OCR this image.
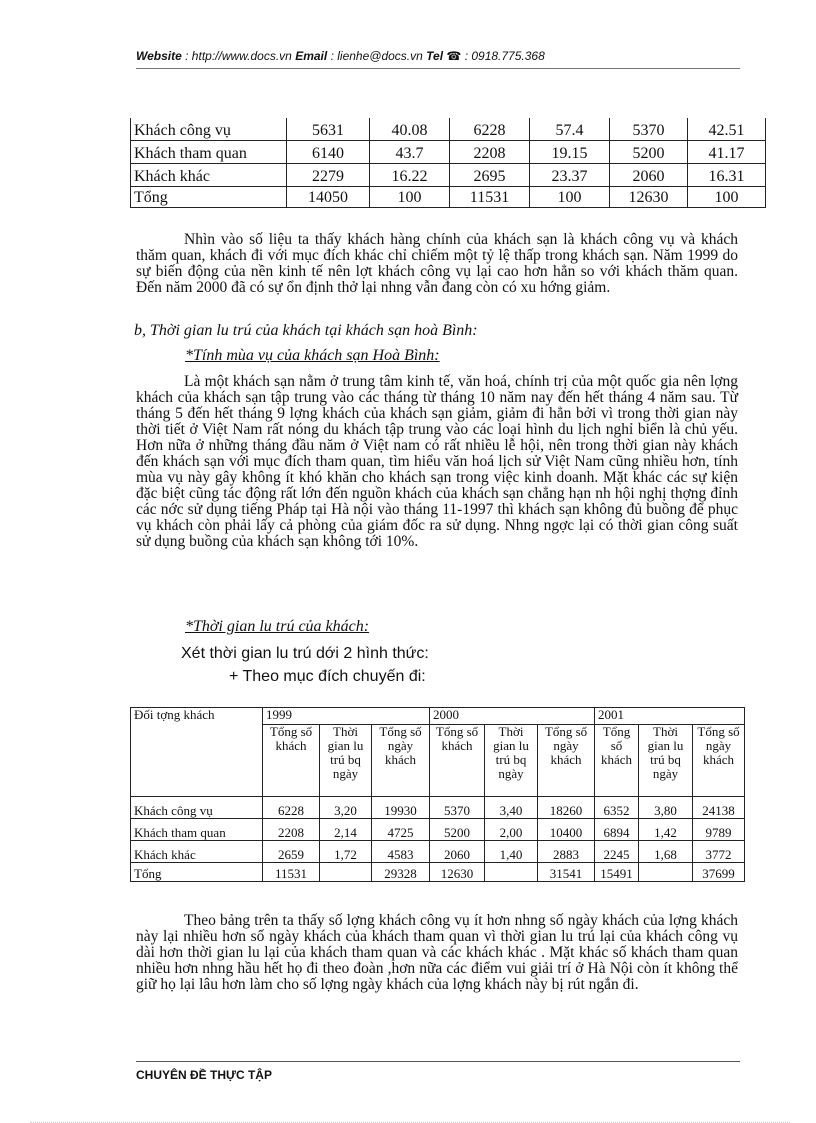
Website : http://www.docs.vn Email : lienhe@docs.vn Tel ☎ : 0918.775.368
Khách công vụ	5631	40.08	6228	57.4	5370	42.51
Khách tham quan	6140	43.7	2208	19.15	5200	41.17
Khách khác	2279	16.22	2695	23.37	2060	16.31
Tổng	14050	100	11531	100	12630	100

Nhìn vào số liệu ta thấy khách hàng chính của khách sạn là khách công vụ và khách thăm quan, khách đi với mục đích khác chỉ chiếm một tỷ lệ thấp trong khách sạn. Năm 1999 do sự biến động của nền kinh tế nên lợt khách công vụ lại cao hơn hẳn so với khách thăm quan. Đến năm 2000 đã có sự ổn định thở lại nhng vẫn đang còn có xu hớng giảm.

b, Thời gian lu trú của khách tại khách sạn hoà Bình:
*Tính mùa vụ của khách sạn Hoà Bình:

Là một khách sạn nằm ở trung tâm kinh tế, văn hoá, chính trị của một quốc gia nên lợng khách của khách sạn tập trung vào các tháng từ tháng 10 năm nay đến hết tháng 4 năm sau. Từ tháng 5 đến hết tháng 9 lợng khách của khách sạn giảm, giảm đi hẳn bởi vì trong thời gian này thời tiết ở Việt Nam rất nóng du khách tập trung vào các loại hình du lịch nghỉ biển là chủ yếu. Hơn nữa ở những tháng đầu năm ở Việt nam có rất nhiều lễ hội, nên trong thời gian này khách đến khách sạn với mục đích tham quan, tìm hiểu văn hoá lịch sử Việt Nam cũng nhiều hơn, tính mùa vụ này gây không ít khó khăn cho khách sạn trong việc kinh doanh. Mặt khác các sự kiện đặc biệt cũng tác động rất lớn đến nguồn khách của khách sạn chẳng hạn nh hội nghị thợng đỉnh các nớc sử dụng tiếng Pháp tại Hà nội vào tháng 11-1997 thì khách sạn không đủ buồng để phục vụ khách còn phải lấy cả phòng của giám đốc ra sử dụng. Nhng ngợc lại có thời gian công suất sử dụng buồng của khách sạn không tới 10%.

*Thời gian lu trú của khách:
Xét thời gian lu trú dới 2 hình thức:
+ Theo mục đích chuyến đi:
Đối tợng khách	1999			2000			2001		
	Tổng số khách	Thời gian lu trú bq ngày	Tổng số ngày khách	Tổng số khách	Thời gian lu trú bq ngày	Tổng số ngày khách	Tổng số khách	Thời gian lu trú bq ngày	Tổng số ngày khách
Khách công vụ	6228	3,20	19930	5370	3,40	18260	6352	3,80	24138
Khách tham quan	2208	2,14	4725	5200	2,00	10400	6894	1,42	9789
Khách khác	2659	1,72	4583	2060	1,40	2883	2245	1,68	3772
Tổng	11531		29328	12630		31541	15491		37699

Theo bảng trên ta thấy số lợng khách công vụ ít hơn nhng số ngày khách của lợng khách này lại nhiều hơn số ngày khách của khách tham quan vì thời gian lu trú lại của khách công vụ dài hơn thời gian lu lại của khách tham quan và các khách khác . Mặt khác số khách tham quan nhiều hơn nhng hầu hết họ đi theo đoàn ,hơn nữa các điểm vui giải trí ở Hà Nội còn ít không thể giữ họ lại lâu hơn làm cho số lợng ngày khách của lợng khách này bị rút ngắn đi.

CHUYÊN ĐỀ THỰC TẬP
